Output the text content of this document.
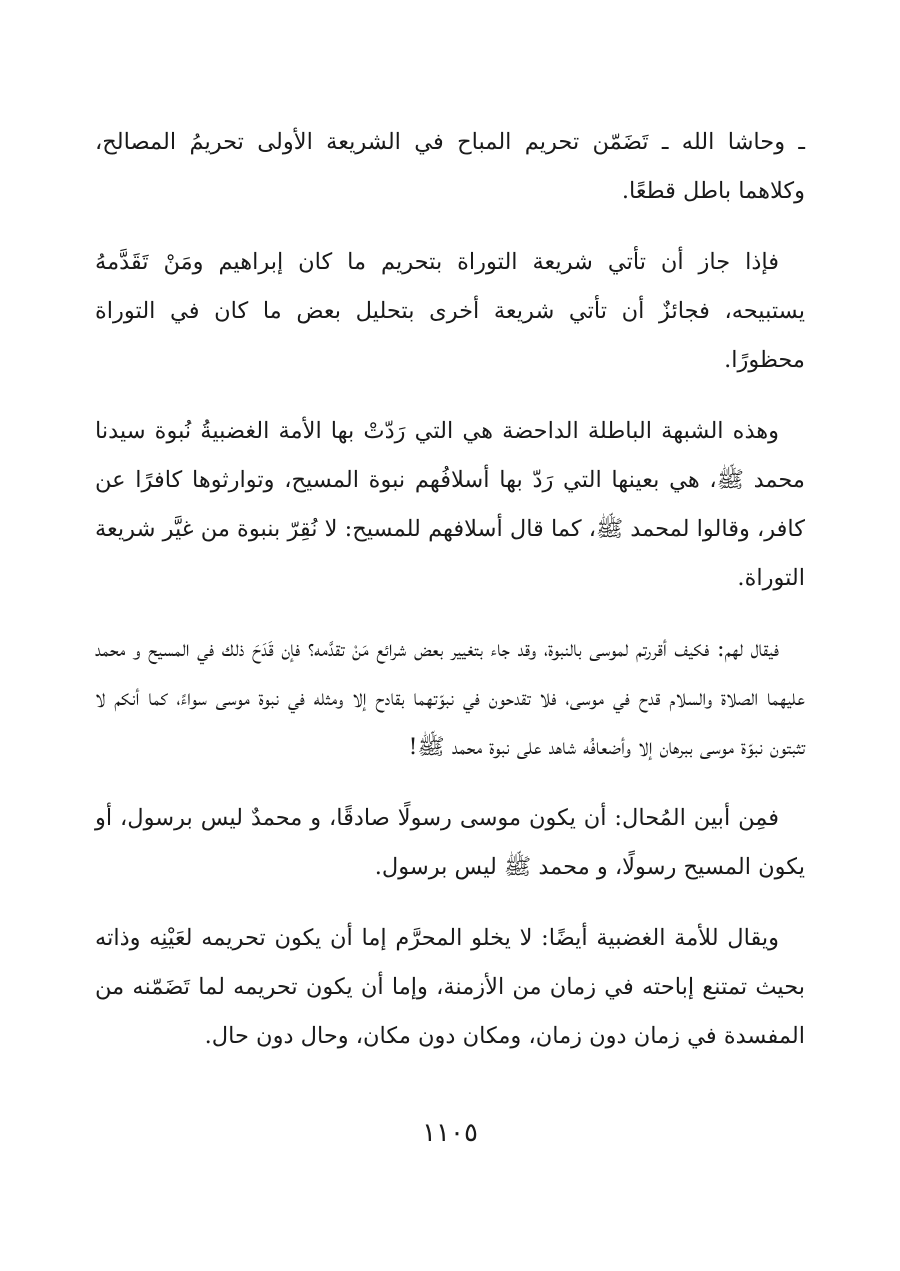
ـ وحاشا الله ـ تَضَمّن تحريم المباح في الشريعة الأولى تحريمُ المصالح، وكلاهما باطل قطعًا.

فإذا جاز أن تأتي شريعة التوراة بتحريم ما كان إبراهيم ومَنْ تَقَدَّمهُ يستبيحه، فجائزٌ أن تأتي شريعة أخرى بتحليل بعض ما كان في التوراة محظورًا.

وهذه الشبهة الباطلة الداحضة هي التي رَدّتْ بها الأمة الغضبيةُ نُبوة سيدنا محمد ﷺ، هي بعينها التي رَدّ بها أسلافُهم نبوة المسيح، وتوارثوها كافرًا عن كافر، وقالوا لمحمد ﷺ، كما قال أسلافهم للمسيح: لا نُقِرّ بنبوة من غيَّر شريعة التوراة.

فيقال لهم: فكيف أقررتم لموسى بالنبوة، وقد جاء بتغيير بعض شرائع مَنْ تقدَّمه؟ فإن قَدَحَ ذلك في المسيح و محمد عليهما الصلاة والسلام قدح في موسى، فلا تقدحون في نبوّتهما بقادح إلا ومثله في نبوة موسى سواءً، كما أنكم لا تثبتون نبوّة موسى ببرهان إلا وأضعافُه شاهد على نبوة محمد ﷺ!

فمِن أبين المُحال: أن يكون موسى رسولًا صادقًا، و محمدٌ ليس برسول، أو يكون المسيح رسولًا، و محمد ﷺ ليس برسول.

ويقال للأمة الغضبية أيضًا: لا يخلو المحرَّم إما أن يكون تحريمه لعَيْنِه وذاته بحيث تمتنع إباحته في زمان من الأزمنة، وإما أن يكون تحريمه لما تَضَمّنه من المفسدة في زمان دون زمان، ومكان دون مكان، وحال دون حال.

١١٠٥
